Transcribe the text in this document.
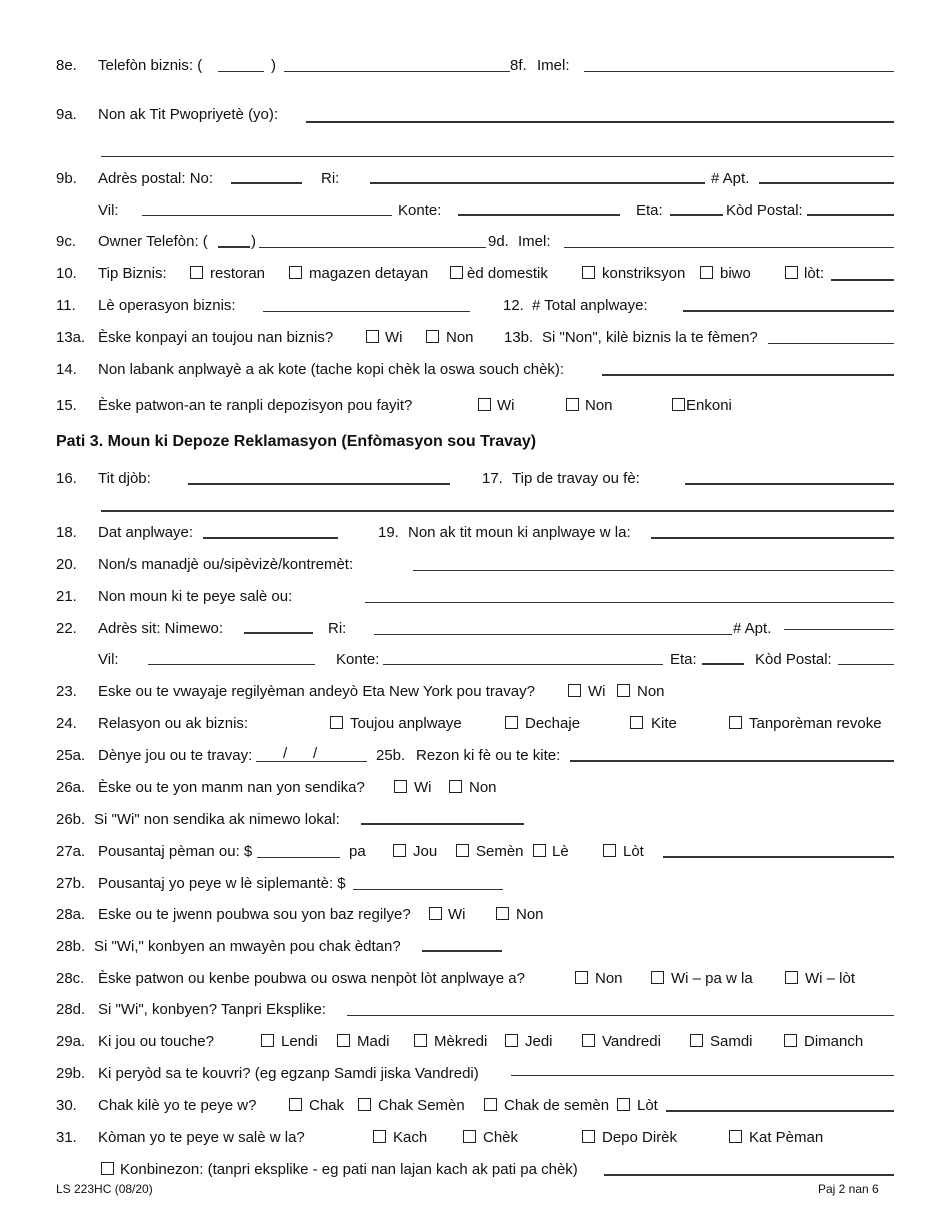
8e. Telefòn biznis: (	)	8f. Imel:
9a. Non ak Tit Pwopriyetè (yo):
9b. Adrès postal: No:	Ri:	# Apt.
Vil:	Konte:	Eta:	Kòd Postal:
9c. Owner Telefòn: (	)	9d. Imel:
10. Tip Biznis:	restoran	magazen detayan	èd domestik	konstriksyon biwo	lòt:
11. Lè operasyon biznis:	12. # Total anplwaye:
13a. Èske konpayi an toujou nan biznis?	Wi	Non 13b. Si "Non", kilè biznis la te fèmen?
14. Non labank anplwayè a ak kote (tache kopi chèk la oswa souch chèk):
15. Èske patwon-an te ranpli depozisyon pou fayit?	Wi	Non	Enkoni
Pati 3. Moun ki Depoze Reklamasyon (Enfòmasyon sou Travay)
16. Tit djòb:	17. Tip de travay ou fè:
18. Dat anplwaye:	19. Non ak tit moun ki anplwaye w la:
20. Non/s manadjè ou/sipèvizè/kontremèt:
21. Non moun ki te peye salè ou:
22. Adrès sit: Nimewo:	Ri:	# Apt.
Vil:	Konte:	Eta:	Kòd Postal:
23. Eske ou te vwayaje regilyèman andeyò Eta New York pou travay?	Wi Non
24. Relasyon ou ak biznis:	Toujou anplwaye	Dechaje	Kite	Tanporèman revoke
25a. Dènye jou ou te travay: / /	25b. Rezon ki fè ou te kite:
26a. Èske ou te yon manm nan yon sendika?	Wi	Non
26b. Si "Wi" non sendika ak nimewo lokal:
27a. Pousantaj pèman ou: $	pa	Jou	Semèn Lè	Lòt
27b. Pousantaj yo peye w lè siplemantè: $
28a. Eske ou te jwenn poubwa sou yon baz regilye? Wi	Non
28b. Si "Wi," konbyen an mwayèn pou chak èdtan?
28c. Èske patwon ou kenbe poubwa ou oswa nenpòt lòt anplwaye a?	Non	Wi – pa w la	Wi – lòt
28d. Si "Wi", konbyen? Tanpri Eksplike:
29a. Ki jou ou touche?	Lendi	Madi	Mèkredi	Jedi	Vandredi	Samdi	Dimanch
29b. Ki peryòd sa te kouvri? (eg egzanp Samdi jiska Vandredi)
30. Chak kilè yo te peye w?	Chak Chak Semèn	Chak de semèn Lòt
31. Kòman yo te peye w salè w la?	Kach	Chèk	Depo Dirèk	Kat Pèman
Konbinezon: (tanpri eksplike - eg pati nan lajan kach ak pati pa chèk)
LS 223HC (08/20)	Paj 2 nan 6
